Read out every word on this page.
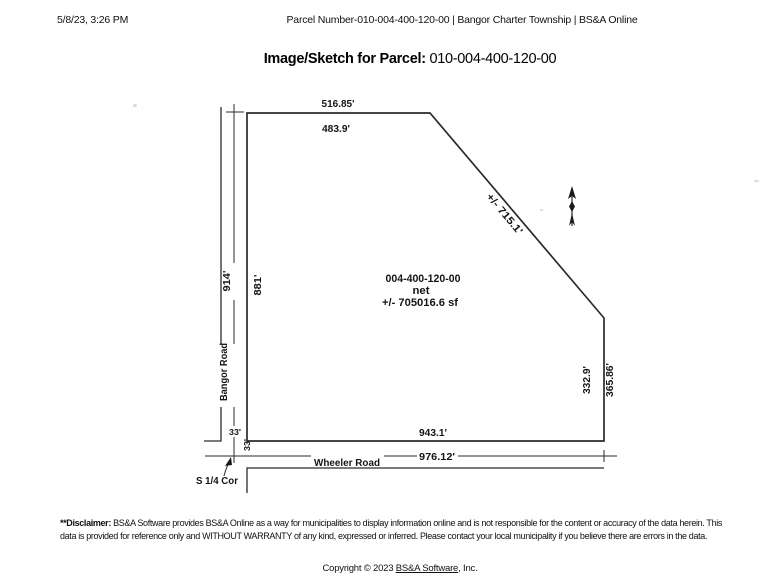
5/8/23, 3:26 PM	Parcel Number-010-004-400-120-00 | Bangor Charter Township | BS&A Online
Image/Sketch for Parcel: 010-004-400-120-00
516.85'
483.9'
914' 881'
Bangor Road
+/- 715.1'
004-400-120-00
net
+/- 705016.6 sf
332.9' 365.86'
943.1'
976.12'
Wheeler Road
33'
33'
S 1/4 Cor
**Disclaimer: BS&A Software provides BS&A Online as a way for municipalities to display information online and is not responsible for the content or accuracy of the data herein. This data is provided for reference only and WITHOUT WARRANTY of any kind, expressed or inferred. Please contact your local municipality if you believe there are errors in the data.
Copyright © 2023 BS&A Software, Inc.
